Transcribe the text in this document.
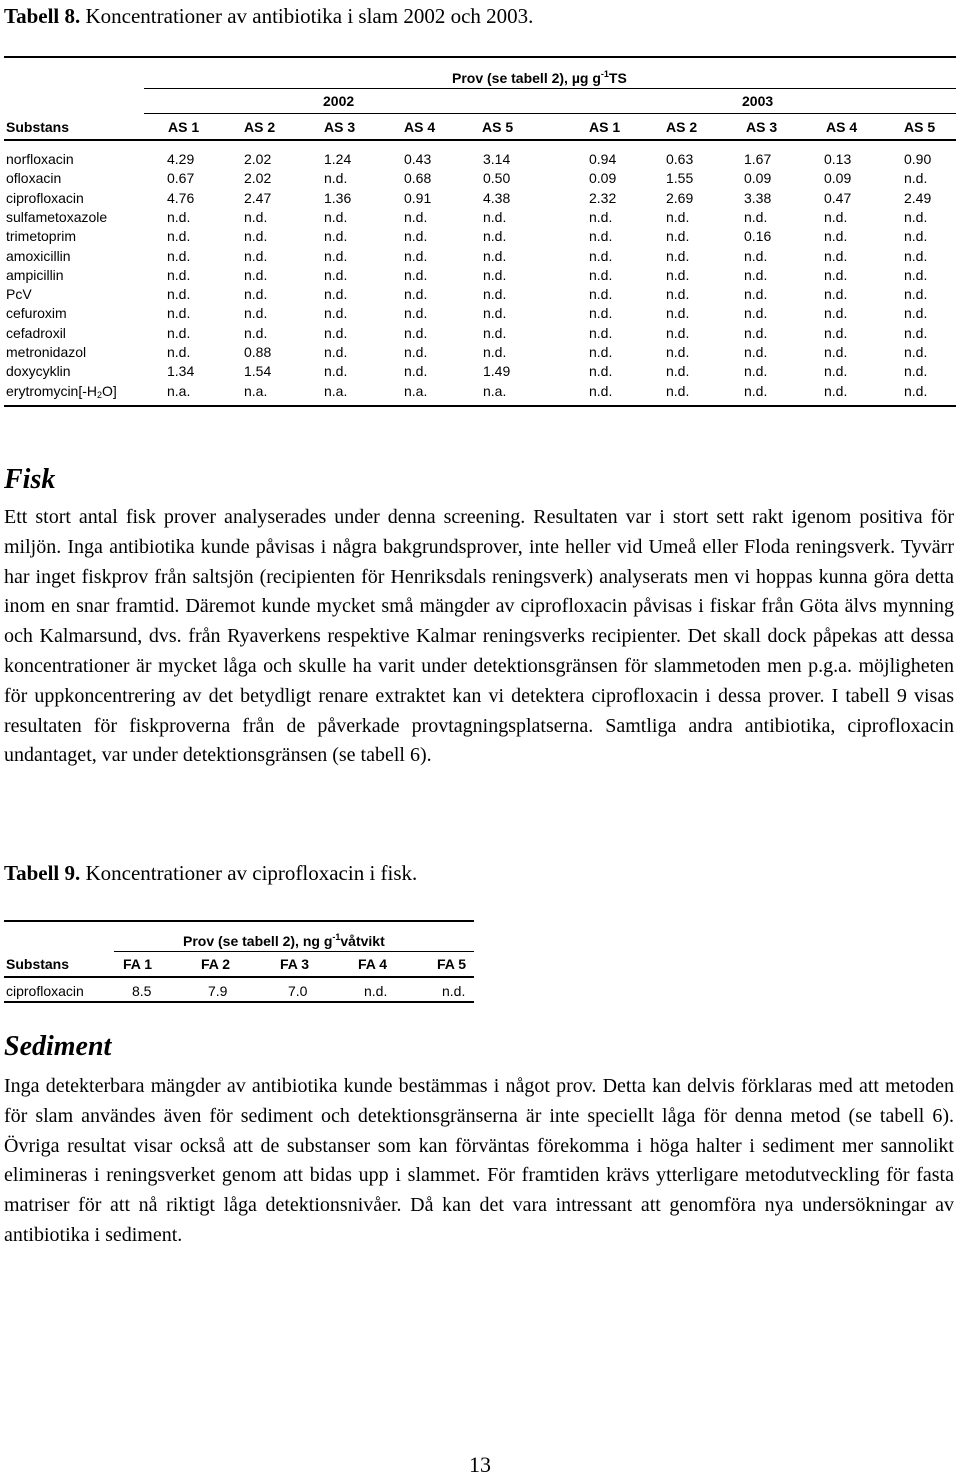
Tabell 8. Koncentrationer av antibiotika i slam 2002 och 2003.
Prov (se tabell 2), µg $g^{-1}TS$
2002	2003
Substans	AS 1	AS 2	AS 3	AS 4	AS 5	AS 1	AS 2	AS 3	AS 4	AS 5
norfloxacin	4.29	2.02	1.24	0.43	3.14	0.94	0.63	1.67	0.13	0.90
ofloxacin	0.67	2.02	n.d.	0.68	0.50	0.09	1.55	0.09	0.09	n.d.
ciprofloxacin	4.76	2.47	1.36	0.91	4.38	2.32	2.69	3.38	0.47	2.49
sulfametoxazole	n.d.	n.d.	n.d.	n.d.	n.d.	n.d.	n.d.	n.d.	n.d.	n.d.
trimetoprim	n.d.	n.d.	n.d.	n.d.	n.d.	n.d.	n.d.	0.16	n.d.	n.d.
amoxicillin	n.d.	n.d.	n.d.	n.d.	n.d.	n.d.	n.d.	n.d.	n.d.	n.d.
ampicillin	n.d.	n.d.	n.d.	n.d.	n.d.	n.d.	n.d.	n.d.	n.d.	n.d.
PcV	n.d.	n.d.	n.d.	n.d.	n.d.	n.d.	n.d.	n.d.	n.d.	n.d.
cefuroxim	n.d.	n.d.	n.d.	n.d.	n.d.	n.d.	n.d.	n.d.	n.d.	n.d.
cefadroxil	n.d.	n.d.	n.d.	n.d.	n.d.	n.d.	n.d.	n.d.	n.d.	n.d.
metronidazol	n.d.	0.88	n.d.	n.d.	n.d.	n.d.	n.d.	n.d.	n.d.	n.d.
doxycyklin	1.34	1.54	n.d.	n.d.	1.49	n.d.	n.d.	n.d.	n.d.	n.d.
$erytromycin[-H_2O]$	n.a.	n.a.	n.a.	n.a.	n.a.	n.d.	n.d.	n.d.	n.d.	n.d.
Fisk

Ett stort antal fisk prover analyserades under denna screening. Resultaten var i stort sett rakt igenom positiva för miljön. Inga antibiotika kunde påvisas i några bakgrundsprover, inte heller vid Umeå eller Floda reningsverk. Tyvärr har inget fiskprov från saltsjön (recipienten för Henriksdals reningsverk) analyserats men vi hoppas kunna göra detta inom en snar framtid. Däremot kunde mycket små mängder av ciprofloxacin påvisas i fiskar från Göta älvs mynning och Kalmarsund, dvs. från Ryaverkens respektive Kalmar reningsverks recipienter. Det skall dock påpekas att dessa koncentrationer är mycket låga och skulle ha varit under detektionsgränsen för slammetoden men p.g.a. möjligheten för uppkoncentrering av det betydligt renare extraktet kan vi detektera ciprofloxacin i dessa prover. I tabell 9 visas resultaten för fiskproverna från de påverkade provtagningsplatserna. Samtliga andra antibiotika, ciprofloxacin undantaget, var under detektionsgränsen (se tabell 6).

Tabell 9. Koncentrationer av ciprofloxacin i fisk.
Prov (se tabell 2), ng $g^{-1}våtvikt$
Substans	FA 1	FA 2	FA 3	FA 4	FA 5
ciprofloxacin	8.5	7.9	7.0	n.d.	n.d.
Sediment

Inga detekterbara mängder av antibiotika kunde bestämmas i något prov. Detta kan delvis förklaras med att metoden för slam användes även för sediment och detektionsgränserna är inte speciellt låga för denna metod (se tabell 6). Övriga resultat visar också att de substanser som kan förväntas förekomma i höga halter i sediment mer sannolikt elimineras i reningsverket genom att bidas upp i slammet. För framtiden krävs ytterligare metodutveckling för fasta matriser för att nå riktigt låga detektionsnivåer. Då kan det vara intressant att genomföra nya undersökningar av antibiotika i sediment.

13
